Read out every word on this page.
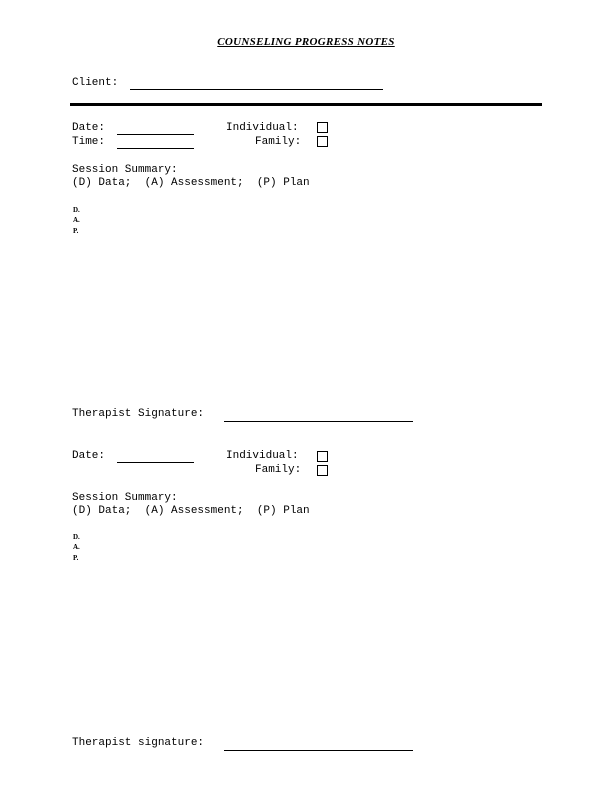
COUNSELING PROGRESS NOTES
Client:
Date:
Time:
Individual:
Family:
Session Summary:
(D) Data;  (A) Assessment;  (P) Plan
D.
A.
P.
Therapist Signature:
Date:	Individual:
Family:
Session Summary:
(D) Data;  (A) Assessment;  (P) Plan
D.
A.
P.
Therapist signature:
